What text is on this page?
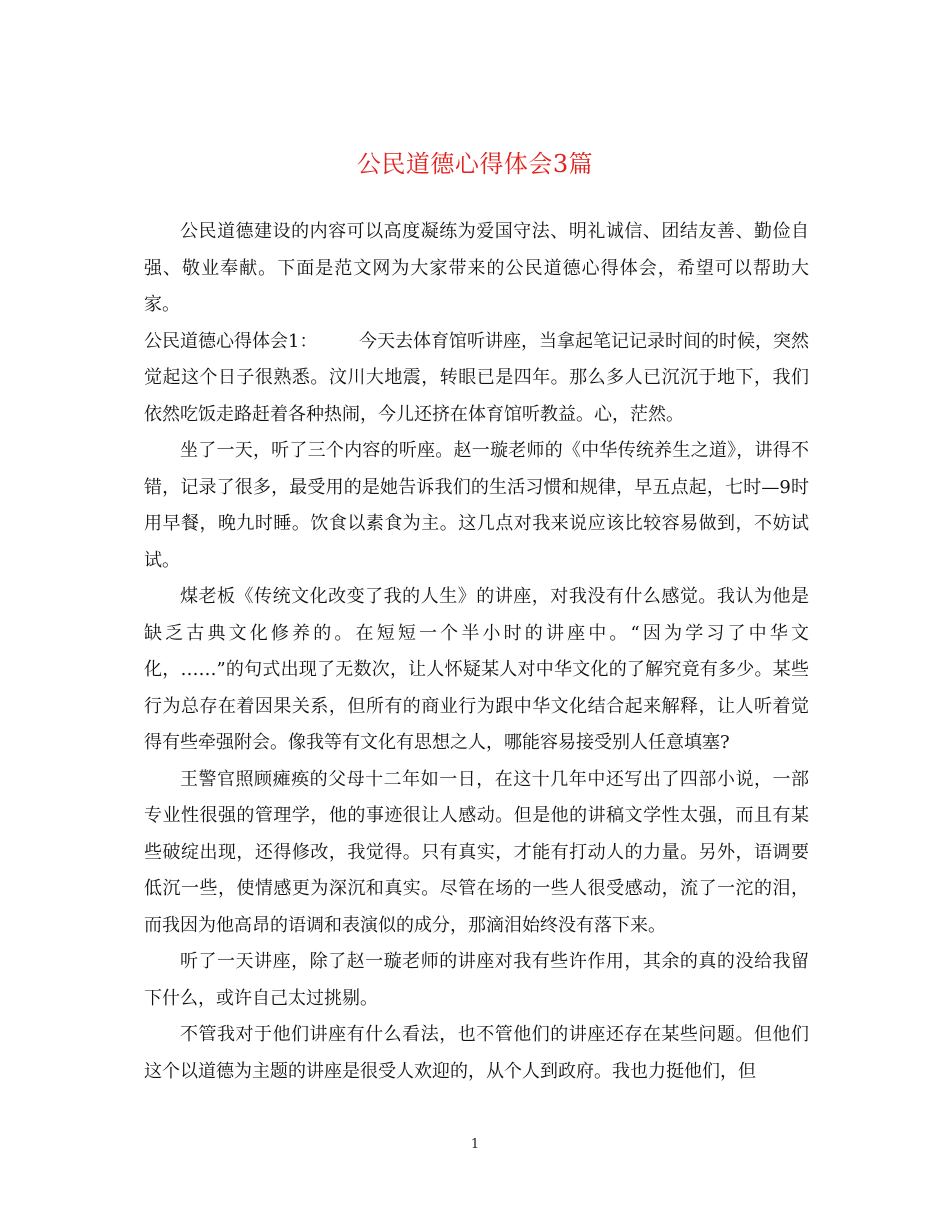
公民道德心得体会3篇

公民道德建设的内容可以高度凝练为爱国守法、明礼诚信、团结友善、勤俭自强、敬业奉献。下面是范文网为大家带来的公民道德心得体会，希望可以帮助大家。

公民道德心得体会1： 今天去体育馆听讲座，当拿起笔记记录时间的时候，突然觉起这个日子很熟悉。汶川大地震，转眼已是四年。那么多人已沉沉于地下，我们依然吃饭走路赶着各种热闹，今儿还挤在体育馆听教益。心，茫然。

坐了一天，听了三个内容的听座。赵一璇老师的《中华传统养生之道》，讲得不错，记录了很多，最受用的是她告诉我们的生活习惯和规律，早五点起，七时—9时用早餐，晚九时睡。饮食以素食为主。这几点对我来说应该比较容易做到，不妨试试。

煤老板《传统文化改变了我的人生》的讲座，对我没有什么感觉。我认为他是缺乏古典文化修养的。在短短一个半小时的讲座中。“因为学习了中华文化，……”的句式出现了无数次，让人怀疑某人对中华文化的了解究竟有多少。某些行为总存在着因果关系，但所有的商业行为跟中华文化结合起来解释，让人听着觉得有些牵强附会。像我等有文化有思想之人，哪能容易接受别人任意填塞?

王警官照顾瘫痪的父母十二年如一日，在这十几年中还写出了四部小说，一部专业性很强的管理学，他的事迹很让人感动。但是他的讲稿文学性太强，而且有某些破绽出现，还得修改，我觉得。只有真实，才能有打动人的力量。另外，语调要低沉一些，使情感更为深沉和真实。尽管在场的一些人很受感动，流了一沱的泪，而我因为他高昂的语调和表演似的成分，那滴泪始终没有落下来。

听了一天讲座，除了赵一璇老师的讲座对我有些许作用，其余的真的没给我留下什么，或许自己太过挑剔。

不管我对于他们讲座有什么看法，也不管他们的讲座还存在某些问题。但他们这个以道德为主题的讲座是很受人欢迎的，从个人到政府。我也力挺他们，但

1
